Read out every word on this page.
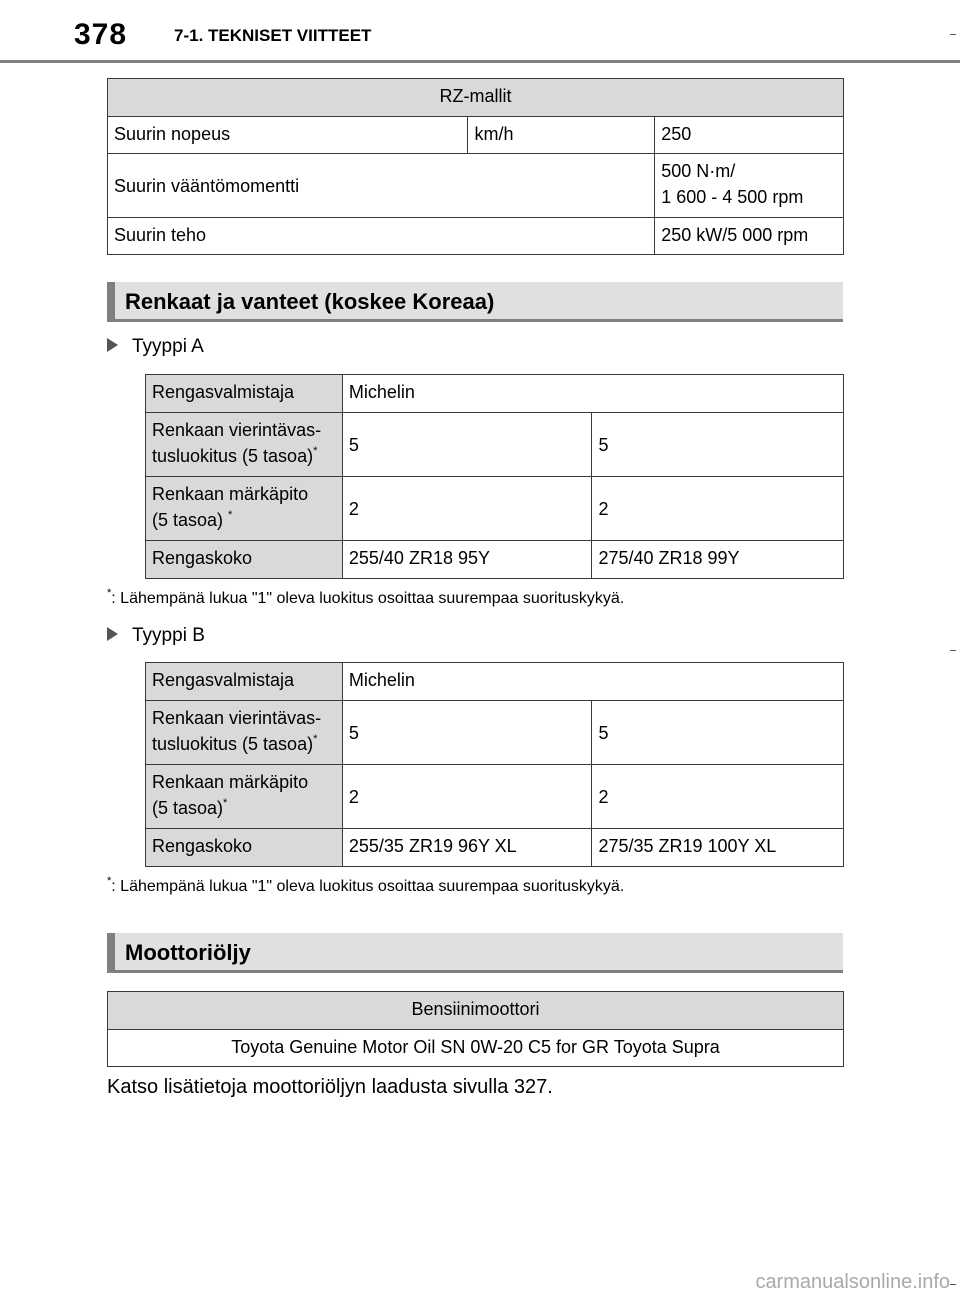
378	7-1. TEKNISET VIITTEET
RZ-mallit		
Suurin nopeus	km/h	250
Suurin vääntömomentti		500 N·m/
1 600 - 4 500 rpm

Suurin teho		250 kW/5 000 rpm
Renkaat ja vanteet (koskee Koreaa)
Tyyppi A
Rengasvalmistaja	Michelin	
Renkaan vierintävas-
tusluokitus (5 tasoa)*	5	5
Renkaan märkäpito
(5 tasoa) *	2	2
Rengaskoko	255/40 ZR18 95Y	275/40 ZR18 99Y
*: Lähempänä lukua "1" oleva luokitus osoittaa suurempaa suorituskykyä.
Tyyppi B
Rengasvalmistaja	Michelin	
Renkaan vierintävas-
tusluokitus (5 tasoa)*	5	5
Renkaan märkäpito
(5 tasoa)*	2	2
Rengaskoko	255/35 ZR19 96Y XL	275/35 ZR19 100Y XL
*: Lähempänä lukua "1" oleva luokitus osoittaa suurempaa suorituskykyä.
Moottoriöljy
Bensiinimoottori
Toyota Genuine Motor Oil SN 0W-20 C5 for GR Toyota Supra
Katso lisätietoja moottoriöljyn laadusta sivulla 327.
carmanualsonline.info
